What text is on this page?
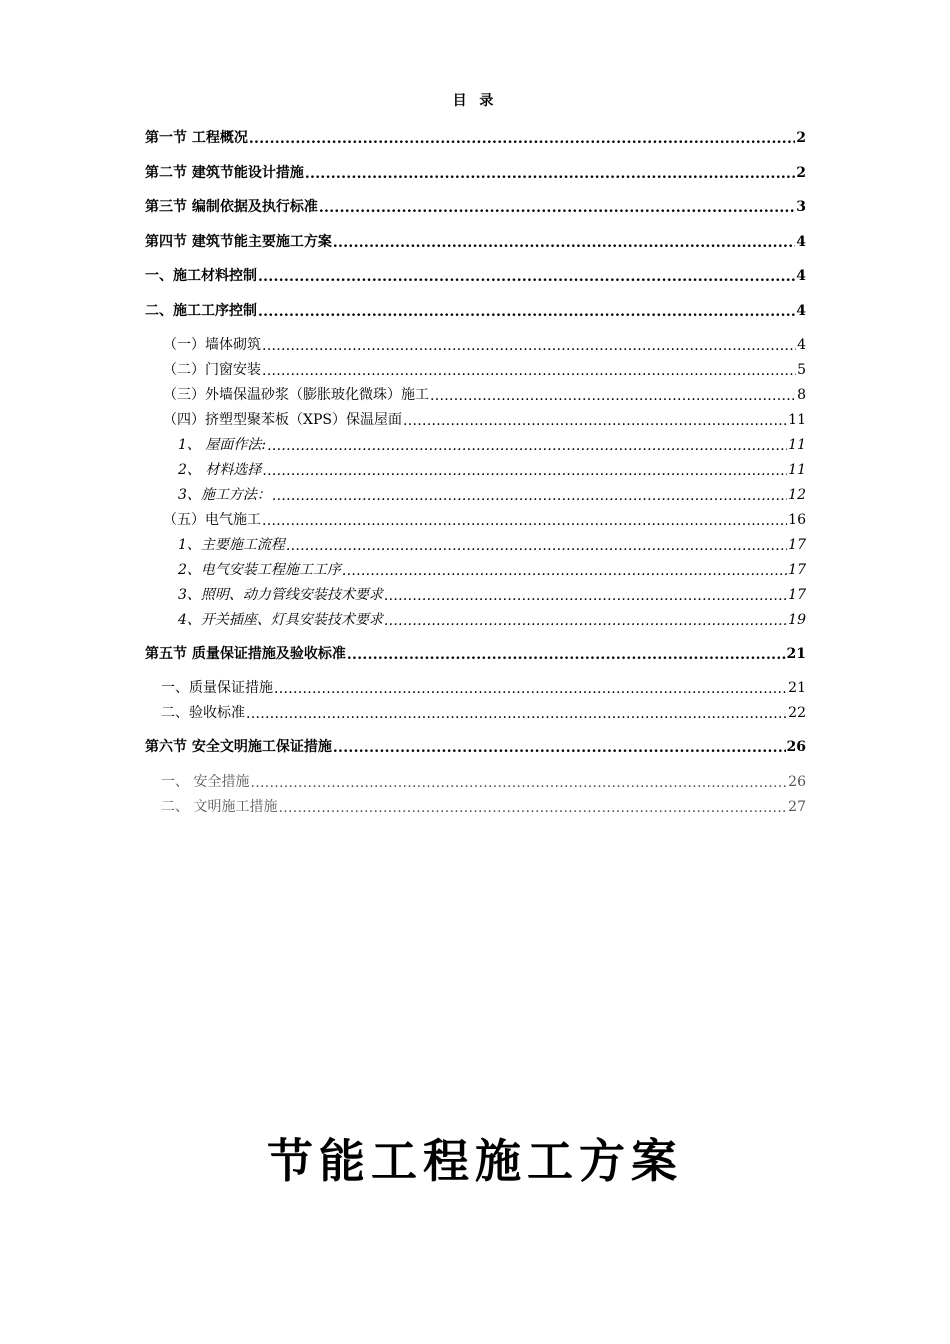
目 录
第一节 工程概况 .....	2
第二节 建筑节能设计措施 .....	2
第三节 编制依据及执行标准 .....	3
第四节 建筑节能主要施工方案 .....	4
一、施工材料控制 .....	4
二、施工工序控制 .....	4
（一）墙体砌筑 .....	4
（二）门窗安装 .....	5
（三）外墙保温砂浆（膨胀玻化微珠）施工 .....	8
（四）挤塑型聚苯板（XPS）保温屋面 .....	11
1、 屋面作法: .....	11
2、 材料选择 .....	11
3、施工方法： .....	12
（五）电气施工 .....	16
1、主要施工流程 .....	17
2、电气安装工程施工工序 .....	17
3、照明、动力管线安装技术要求 .....	17
4、开关插座、灯具安装技术要求 .....	19
第五节 质量保证措施及验收标准 .....	21
一、质量保证措施 .....	21
二、验收标准 .....	22
第六节 安全文明施工保证措施 .....	26
一、 安全措施 .....	26
二、 文明施工措施 .....	27
节能工程施工方案
